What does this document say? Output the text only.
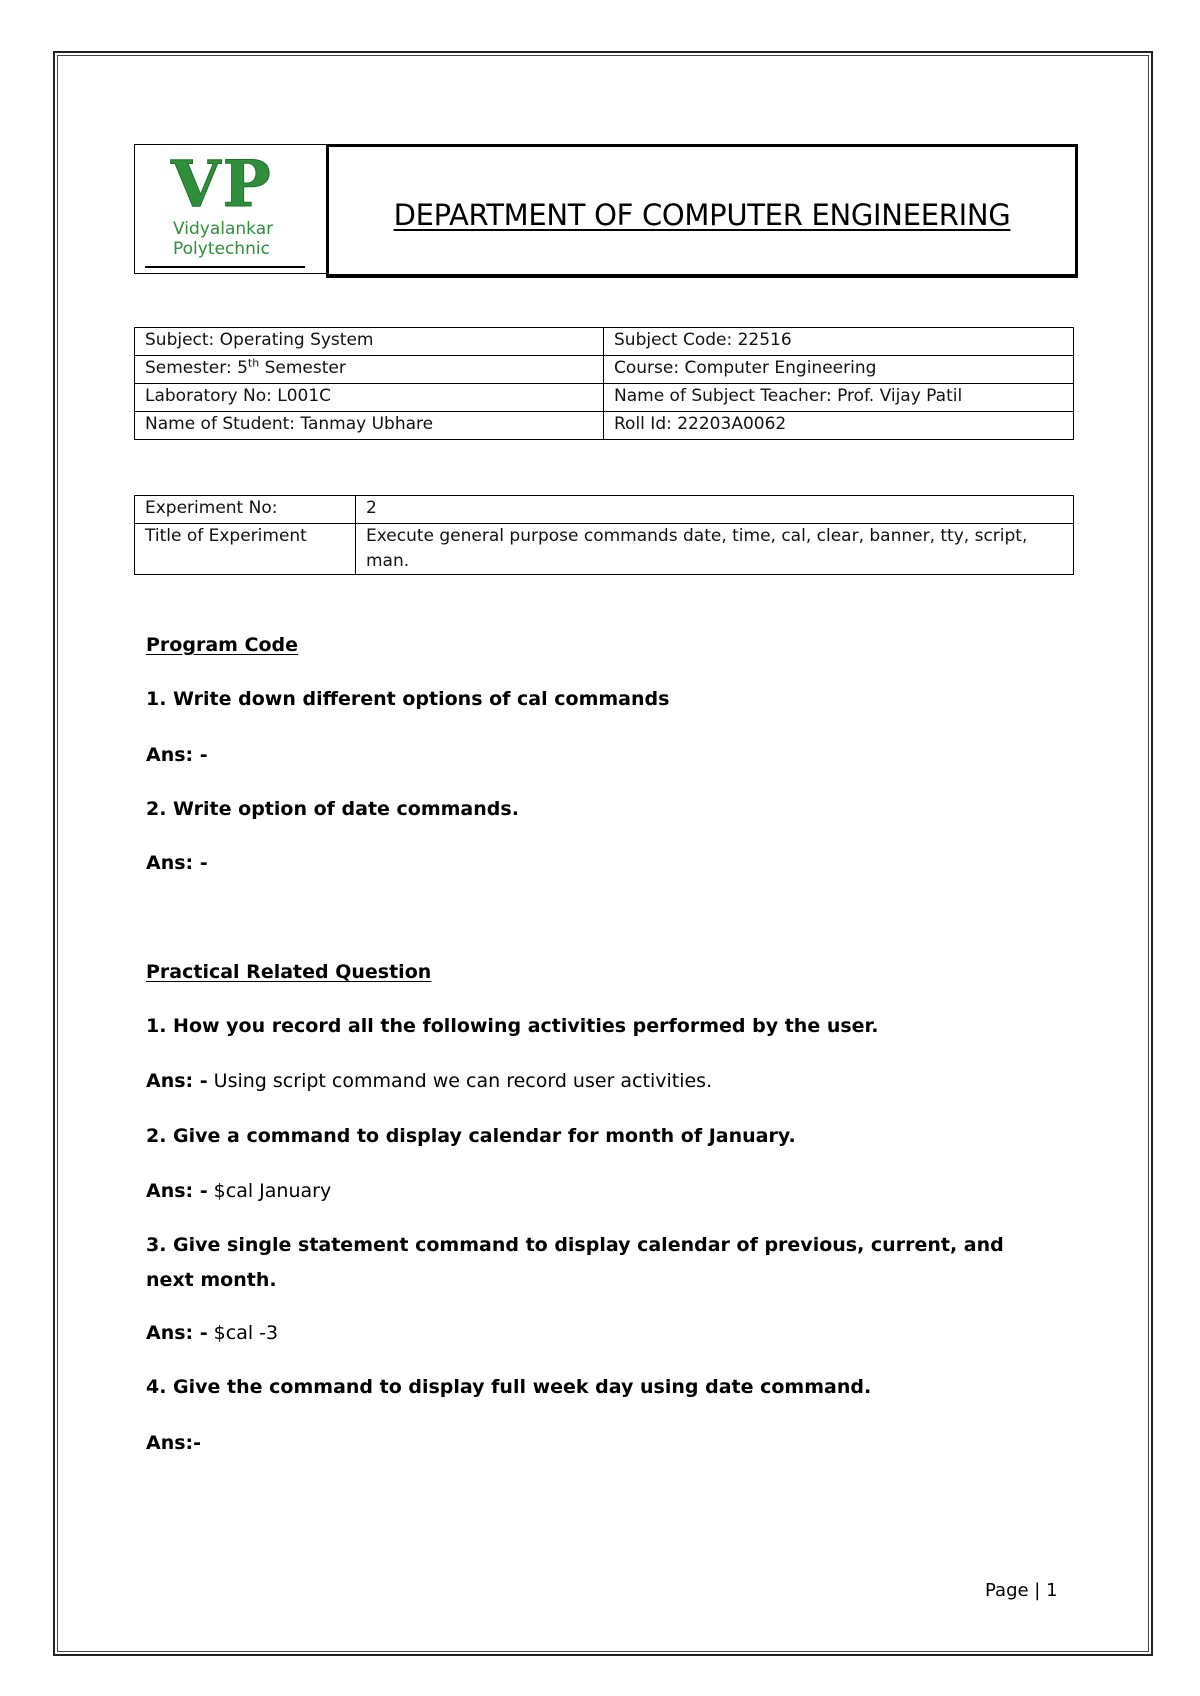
VP
Vidyalankar
Polytechnic
DEPARTMENT OF COMPUTER ENGINEERING
Subject: Operating System	Subject Code: 22516
Semester: 5th Semester	Course: Computer Engineering
Laboratory No: L001C	Name of Subject Teacher: Prof. Vijay Patil
Name of Student: Tanmay Ubhare	Roll Id: 22203A0062
Experiment No:	2
Title of Experiment	Execute general purpose commands date, time, cal, clear, banner, tty, script, man.
Program Code
1. Write down different options of cal commands
Ans: -
2. Write option of date commands.
Ans: -
Practical Related Question
1. How you record all the following activities performed by the user.
Ans: - Using script command we can record user activities.
2. Give a command to display calendar for month of January.
Ans: - $cal January
3. Give single statement command to display calendar of previous, current, and next month.
Ans: - $cal -3
4. Give the command to display full week day using date command.
Ans:-
Page | 1
